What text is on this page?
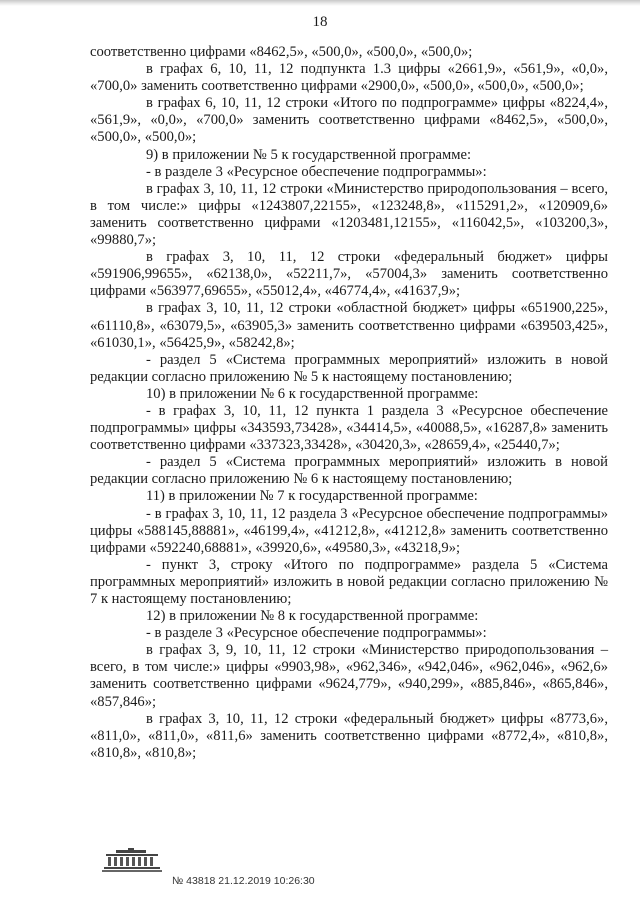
18

соответственно цифрами «8462,5», «500,0», «500,0», «500,0»;

в графах 6, 10, 11, 12 подпункта 1.3 цифры «2661,9», «561,9», «0,0», «700,0» заменить соответственно цифрами «2900,0», «500,0», «500,0», «500,0»;

в графах 6, 10, 11, 12 строки «Итого по подпрограмме» цифры «8224,4», «561,9», «0,0», «700,0» заменить соответственно цифрами «8462,5», «500,0», «500,0», «500,0»;

9) в приложении № 5 к государственной программе:

- в разделе 3 «Ресурсное обеспечение подпрограммы»:

в графах 3, 10, 11, 12 строки «Министерство природопользования – всего, в том числе:» цифры «1243807,22155», «123248,8», «115291,2», «120909,6» заменить соответственно цифрами «1203481,12155», «116042,5», «103200,3», «99880,7»;

в графах 3, 10, 11, 12 строки «федеральный бюджет» цифры «591906,99655», «62138,0», «52211,7», «57004,3» заменить соответственно цифрами «563977,69655», «55012,4», «46774,4», «41637,9»;

в графах 3, 10, 11, 12 строки «областной бюджет» цифры «651900,225», «61110,8», «63079,5», «63905,3» заменить соответственно цифрами «639503,425», «61030,1», «56425,9», «58242,8»;

- раздел 5 «Система программных мероприятий» изложить в новой редакции согласно приложению № 5 к настоящему постановлению;

10) в приложении № 6 к государственной программе:

- в графах 3, 10, 11, 12 пункта 1 раздела 3 «Ресурсное обеспечение подпрограммы» цифры «343593,73428», «34414,5», «40088,5», «16287,8» заменить соответственно цифрами «337323,33428», «30420,3», «28659,4», «25440,7»;

- раздел 5 «Система программных мероприятий» изложить в новой редакции согласно приложению № 6 к настоящему постановлению;

11) в приложении № 7 к государственной программе:

- в графах 3, 10, 11, 12 раздела 3 «Ресурсное обеспечение подпрограммы» цифры «588145,88881», «46199,4», «41212,8», «41212,8» заменить соответственно цифрами «592240,68881», «39920,6», «49580,3», «43218,9»;

- пункт 3, строку «Итого по подпрограмме» раздела 5 «Система программных мероприятий» изложить в новой редакции согласно приложению № 7 к настоящему постановлению;

12) в приложении № 8 к государственной программе:

- в разделе 3 «Ресурсное обеспечение подпрограммы»:

в графах 3, 9, 10, 11, 12 строки «Министерство природопользования – всего, в том числе:» цифры «9903,98», «962,346», «942,046», «962,046», «962,6» заменить соответственно цифрами «9624,779», «940,299», «885,846», «865,846», «857,846»;

в графах 3, 10, 11, 12 строки «федеральный бюджет» цифры «8773,6», «811,0», «811,0», «811,6» заменить соответственно цифрами «8772,4», «810,8», «810,8», «810,8»;

№ 43818 21.12.2019 10:26:30
